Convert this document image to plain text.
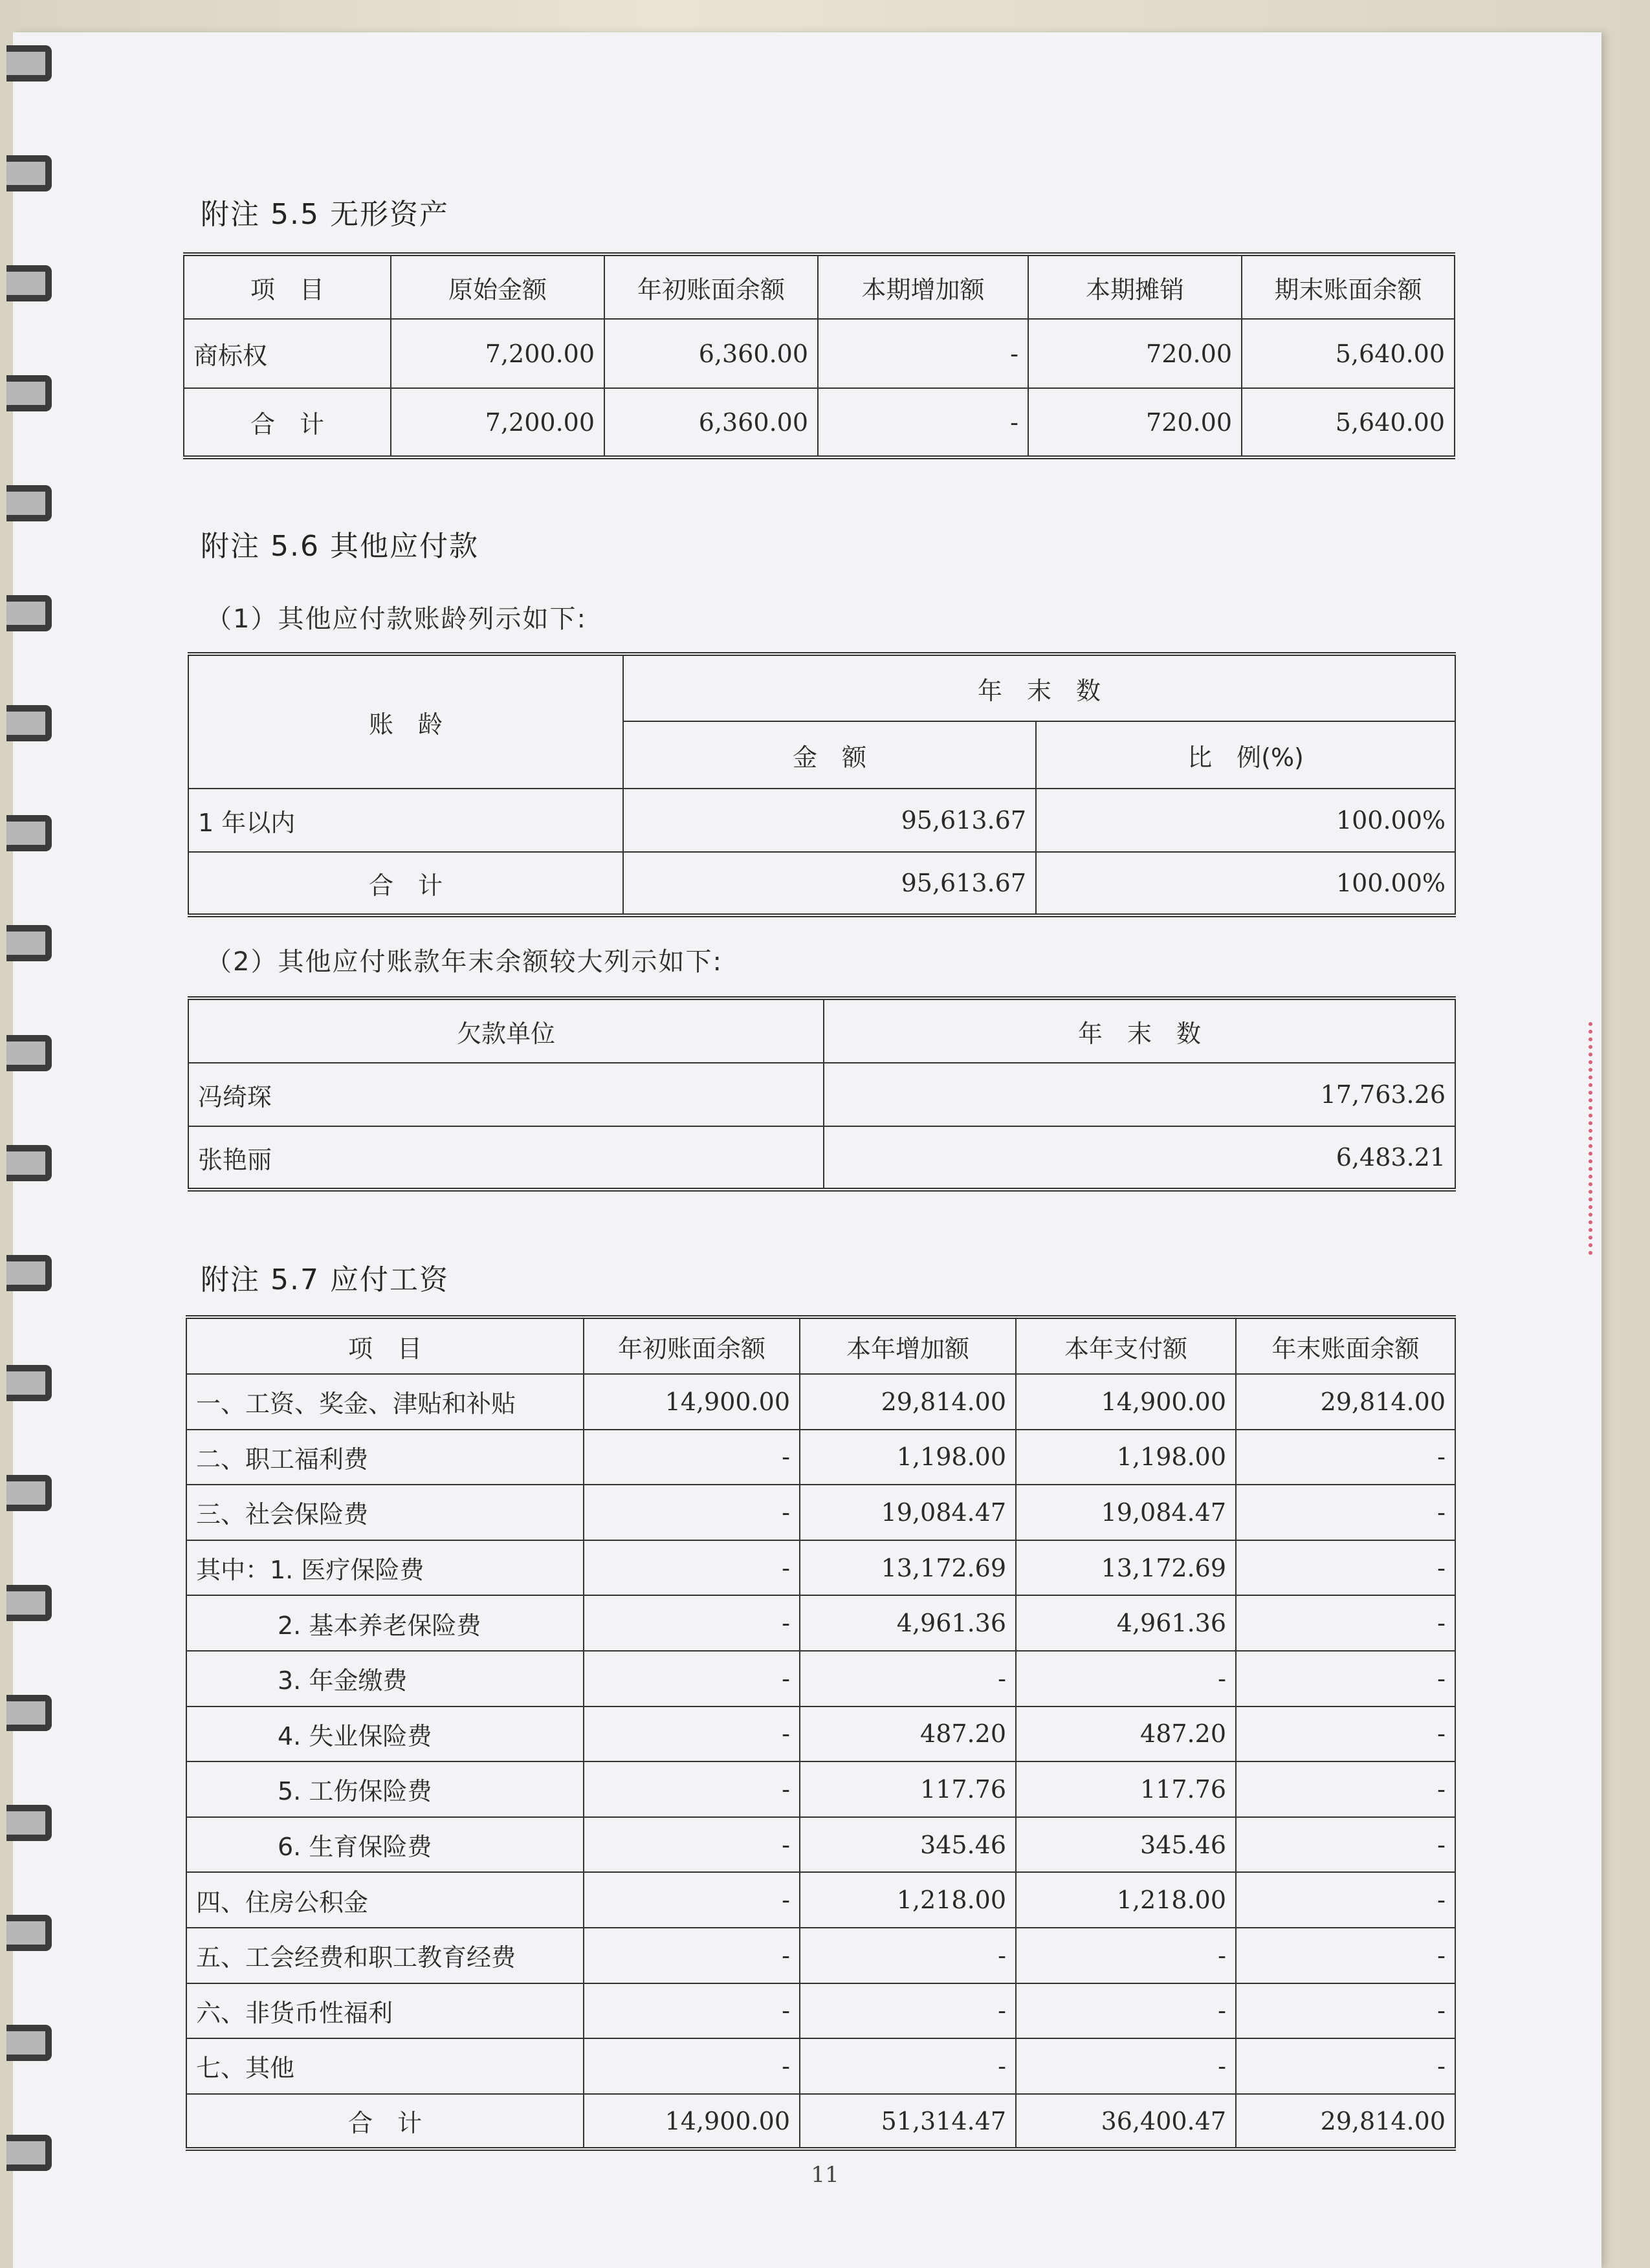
附注 5.5 无形资产
项　目	原始金额	年初账面余额	本期增加额	本期摊销	期末账面余额
商标权	7,200.00	6,360.00	-	720.00	5,640.00
合　计	7,200.00	6,360.00	-	720.00	5,640.00
附注 5.6 其他应付款
（1）其他应付款账龄列示如下:
账　龄	年　末　数	
	金　额	比　例(%)
1 年以内	95,613.67	100.00%
合　计	95,613.67	100.00%
（2）其他应付账款年末余额较大列示如下:
欠款单位	年　末　数
冯绮琛	17,763.26
张艳丽	6,483.21
附注 5.7 应付工资
项　目	年初账面余额	本年增加额	本年支付额	年末账面余额
一、工资、奖金、津贴和补贴	14,900.00	29,814.00	14,900.00	29,814.00
二、职工福利费	-	1,198.00	1,198.00	-
三、社会保险费	-	19,084.47	19,084.47	-
其中：1. 医疗保险费	-	13,172.69	13,172.69	-
2. 基本养老保险费	-	4,961.36	4,961.36	-
3. 年金缴费	-	-	-	-
4. 失业保险费	-	487.20	487.20	-
5. 工伤保险费	-	117.76	117.76	-
6. 生育保险费	-	345.46	345.46	-
四、住房公积金	-	1,218.00	1,218.00	-
五、工会经费和职工教育经费	-	-	-	-
六、非货币性福利	-	-	-	-
七、其他	-	-	-	-
合　计	14,900.00	51,314.47	36,400.47	29,814.00
11
